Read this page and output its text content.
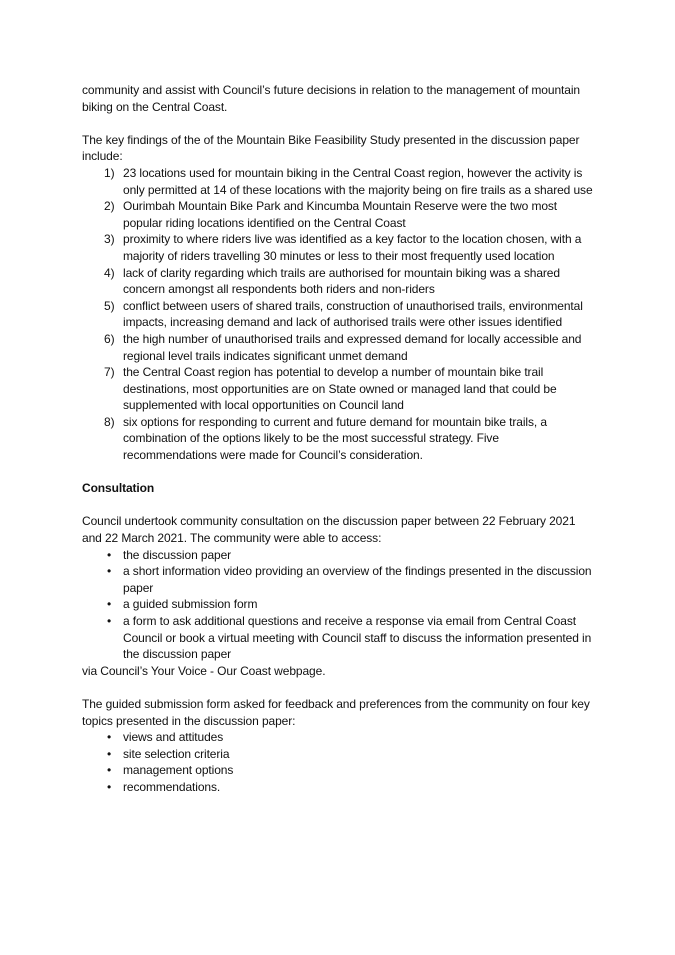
community and assist with Council’s future decisions in relation to the management of mountain biking on the Central Coast.

The key findings of the of the Mountain Bike Feasibility Study presented in the discussion paper include:

1) 23 locations used for mountain biking in the Central Coast region, however the activity is only permitted at 14 of these locations with the majority being on fire trails as a shared use
2) Ourimbah Mountain Bike Park and Kincumba Mountain Reserve were the two most popular riding locations identified on the Central Coast
3) proximity to where riders live was identified as a key factor to the location chosen, with a majority of riders travelling 30 minutes or less to their most frequently used location
4) lack of clarity regarding which trails are authorised for mountain biking was a shared concern amongst all respondents both riders and non-riders
5) conflict between users of shared trails, construction of unauthorised trails, environmental impacts, increasing demand and lack of authorised trails were other issues identified
6) the high number of unauthorised trails and expressed demand for locally accessible and regional level trails indicates significant unmet demand
7) the Central Coast region has potential to develop a number of mountain bike trail destinations, most opportunities are on State owned or managed land that could be supplemented with local opportunities on Council land
8) six options for responding to current and future demand for mountain bike trails, a combination of the options likely to be the most successful strategy. Five recommendations were made for Council’s consideration.
Consultation

Council undertook community consultation on the discussion paper between 22 February 2021 and 22 March 2021. The community were able to access:

• the discussion paper
• a short information video providing an overview of the findings presented in the discussion paper
• a guided submission form
• a form to ask additional questions and receive a response via email from Central Coast Council or book a virtual meeting with Council staff to discuss the information presented in the discussion paper

via Council’s Your Voice - Our Coast webpage.

The guided submission form asked for feedback and preferences from the community on four key topics presented in the discussion paper:

• views and attitudes
• site selection criteria
• management options
• recommendations.
